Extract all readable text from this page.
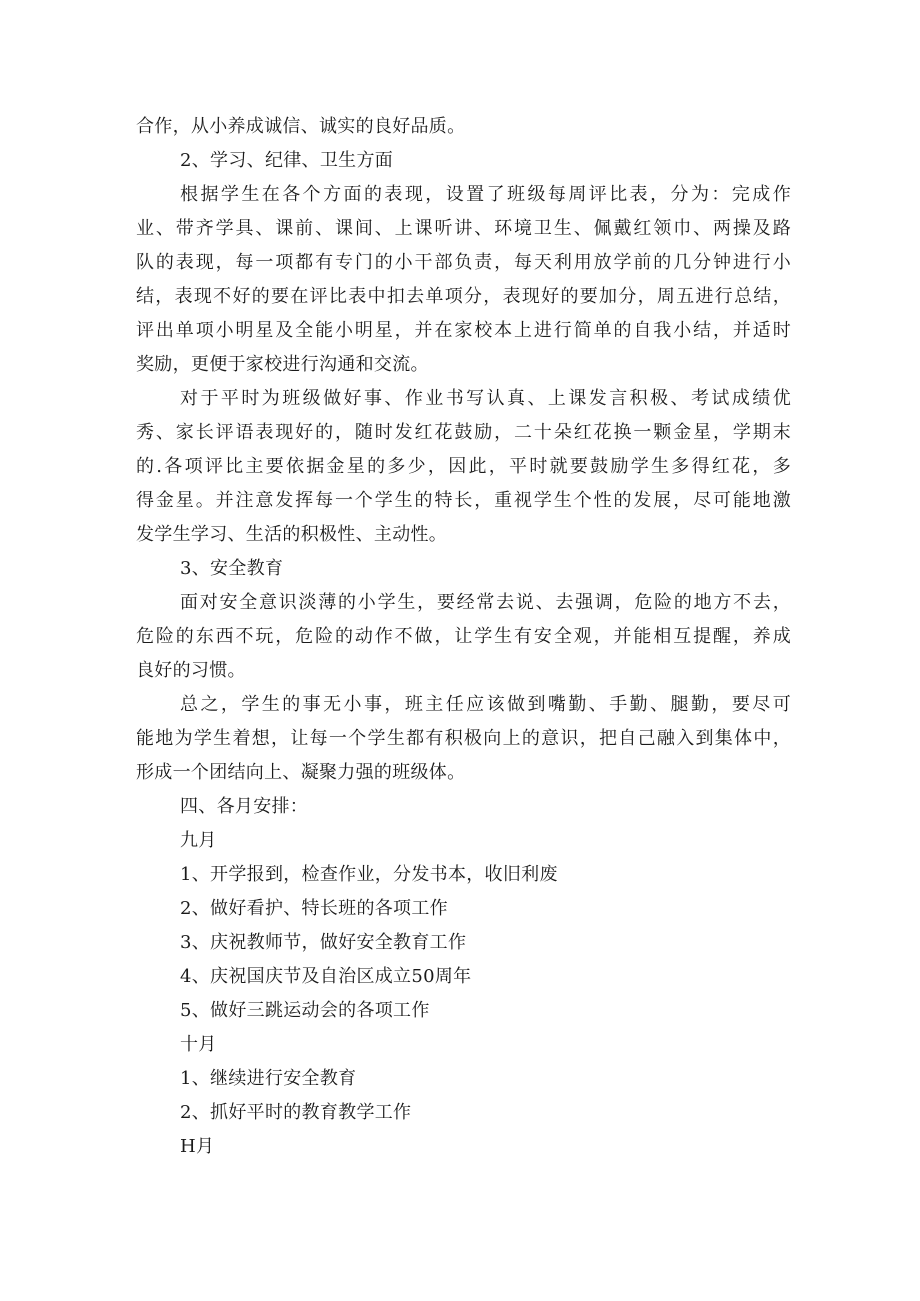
合作，从小养成诚信、诚实的良好品质。
2、学习、纪律、卫生方面
根据学生在各个方面的表现，设置了班级每周评比表，分为：完成作
业、带齐学具、课前、课间、上课听讲、环境卫生、佩戴红领巾、两操及路
队的表现，每一项都有专门的小干部负责，每天利用放学前的几分钟进行小
结，表现不好的要在评比表中扣去单项分，表现好的要加分，周五进行总结，
评出单项小明星及全能小明星，并在家校本上进行简单的自我小结，并适时
奖励，更便于家校进行沟通和交流。
对于平时为班级做好事、作业书写认真、上课发言积极、考试成绩优
秀、家长评语表现好的，随时发红花鼓励，二十朵红花换一颗金星，学期末
的.各项评比主要依据金星的多少，因此，平时就要鼓励学生多得红花，多
得金星。并注意发挥每一个学生的特长，重视学生个性的发展，尽可能地激
发学生学习、生活的积极性、主动性。
3、安全教育
面对安全意识淡薄的小学生，要经常去说、去强调，危险的地方不去，
危险的东西不玩，危险的动作不做，让学生有安全观，并能相互提醒，养成
良好的习惯。
总之，学生的事无小事，班主任应该做到嘴勤、手勤、腿勤，要尽可
能地为学生着想，让每一个学生都有积极向上的意识，把自己融入到集体中，
形成一个团结向上、凝聚力强的班级体。
四、各月安排：
九月
1、开学报到，检查作业，分发书本，收旧利废
2、做好看护、特长班的各项工作
3、庆祝教师节，做好安全教育工作
4、庆祝国庆节及自治区成立50周年
5、做好三跳运动会的各项工作
十月
1、继续进行安全教育
2、抓好平时的教育教学工作
H月
